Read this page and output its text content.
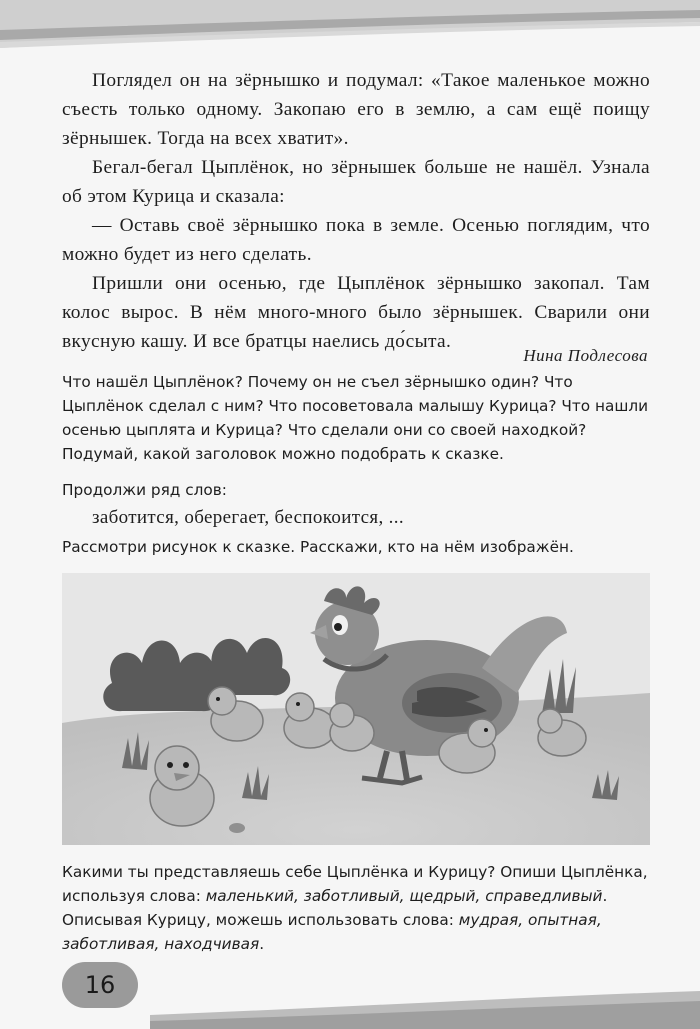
Поглядел он на зёрнышко и подумал: «Такое маленькое можно съесть только одному. Закопаю его в землю, а сам ещё поищу зёрнышек. Тогда на всех хватит».

Бегал-бегал Цыплёнок, но зёрнышек больше не нашёл. Узнала об этом Курица и сказала:

— Оставь своё зёрнышко пока в земле. Осенью поглядим, что можно будет из него сделать.

Пришли они осенью, где Цыплёнок зёрнышко закопал. Там колос вырос. В нём много-много было зёрнышек. Сварили они вкусную кашу. И все братцы наелись до́сыта.

Нина Подлесова

Что нашёл Цыплёнок? Почему он не съел зёрнышко один? Что Цыплёнок сделал с ним? Что посоветовала малышу Курица? Что нашли осенью цыплята и Курица? Что сделали они со своей находкой? Подумай, какой заголовок можно подобрать к сказке.

Продолжи ряд слов:

заботится, оберегает, беспокоится, ...

Рассмотри рисунок к сказке. Расскажи, кто на нём изображён.

Какими ты представляешь себе Цыплёнка и Курицу? Опиши Цыплёнка, используя слова: маленький, заботливый, щедрый, справедливый. Описывая Курицу, можешь использовать слова: мудрая, опытная, заботливая, находчивая.

16
